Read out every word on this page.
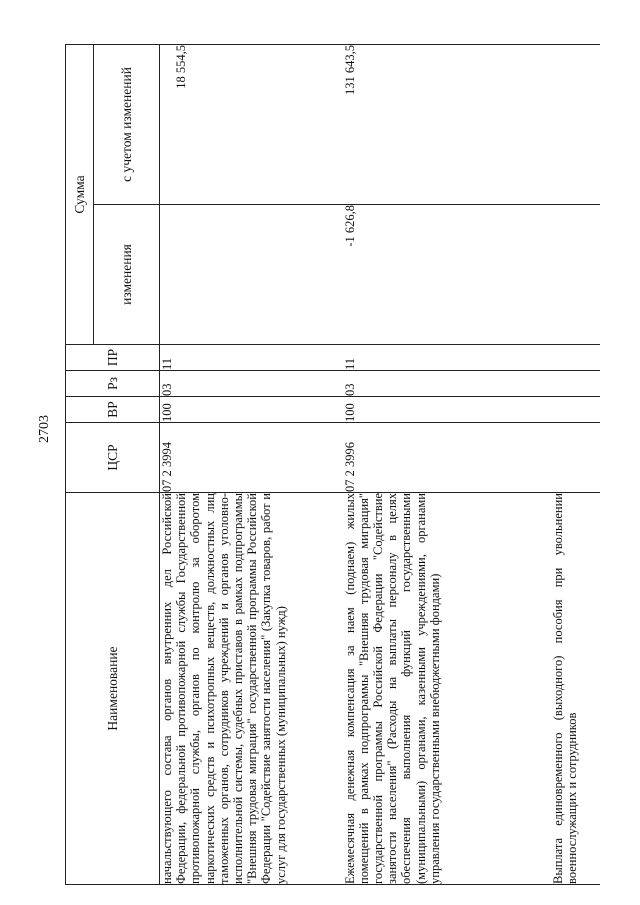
2703
Наименование	ЦСР	ВР	Рз	ПР	Сумма	
					изменения	с учетом изменений
начальствующего состава органов внутренних дел Российской Федерации, федеральной противопожарной службы Государственной противопожарной службы, органов по контролю за оборотом наркотических средств и психотропных веществ, должностных лиц таможенных органов, сотрудников учреждений и органов уголовно-исполнительной системы, судебных приставов в рамках подпрограммы "Внешняя трудовая миграция" государственной программы Российской Федерации "Содействие занятости населения" (Закупка товаров, работ и услуг для государственных (муниципальных) нужд)	07 2 3994	100	03	11		18 554,5
Ежемесячная денежная компенсация за наем (поднаем) жилых помещений в рамках подпрограммы "Внешняя трудовая миграция" государственной программы Российской Федерации "Содействие занятости населения" (Расходы на выплаты персоналу в целях обеспечения выполнения функций государственными (муниципальными) органами, казенными учреждениями, органами управления государственными внебюджетными фондами)	07 2 3996	100	03	11	-1 626,8	131 643,5
Выплата единовременного (выходного) пособия при увольнении военнослужащих и сотрудников						
